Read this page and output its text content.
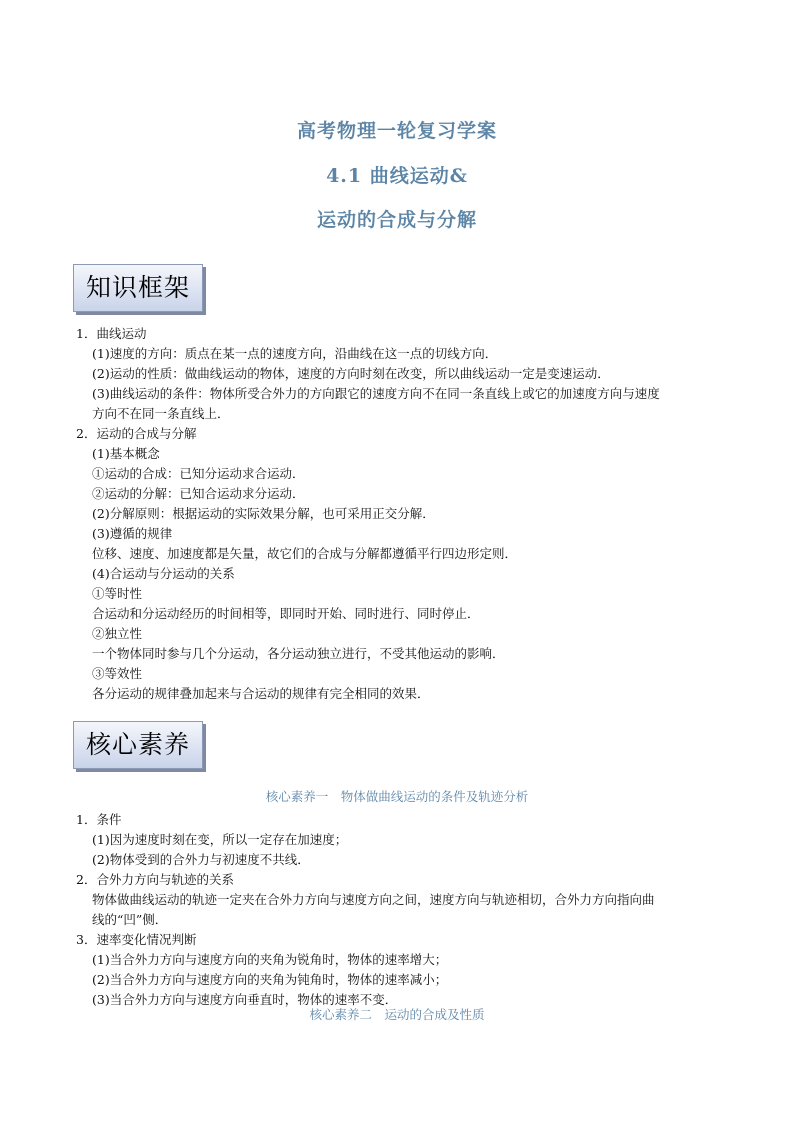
高考物理一轮复习学案
4.1 曲线运动&
运动的合成与分解
知识框架
1．曲线运动
(1)速度的方向：质点在某一点的速度方向，沿曲线在这一点的切线方向．
(2)运动的性质：做曲线运动的物体，速度的方向时刻在改变，所以曲线运动一定是变速运动．
(3)曲线运动的条件：物体所受合外力的方向跟它的速度方向不在同一条直线上或它的加速度方向与速度
方向不在同一条直线上．
2．运动的合成与分解
(1)基本概念
①运动的合成：已知分运动求合运动．
②运动的分解：已知合运动求分运动．
(2)分解原则：根据运动的实际效果分解，也可采用正交分解．
(3)遵循的规律
位移、速度、加速度都是矢量，故它们的合成与分解都遵循平行四边形定则．
(4)合运动与分运动的关系
①等时性
合运动和分运动经历的时间相等，即同时开始、同时进行、同时停止．
②独立性
一个物体同时参与几个分运动，各分运动独立进行，不受其他运动的影响．
③等效性
各分运动的规律叠加起来与合运动的规律有完全相同的效果．
核心素养
核心素养一　物体做曲线运动的条件及轨迹分析
1．条件
(1)因为速度时刻在变，所以一定存在加速度；
(2)物体受到的合外力与初速度不共线．
2．合外力方向与轨迹的关系
物体做曲线运动的轨迹一定夹在合外力方向与速度方向之间，速度方向与轨迹相切，合外力方向指向曲
线的“凹”侧．
3．速率变化情况判断
(1)当合外力方向与速度方向的夹角为锐角时，物体的速率增大；
(2)当合外力方向与速度方向的夹角为钝角时，物体的速率减小；
(3)当合外力方向与速度方向垂直时，物体的速率不变．
核心素养二　运动的合成及性质
